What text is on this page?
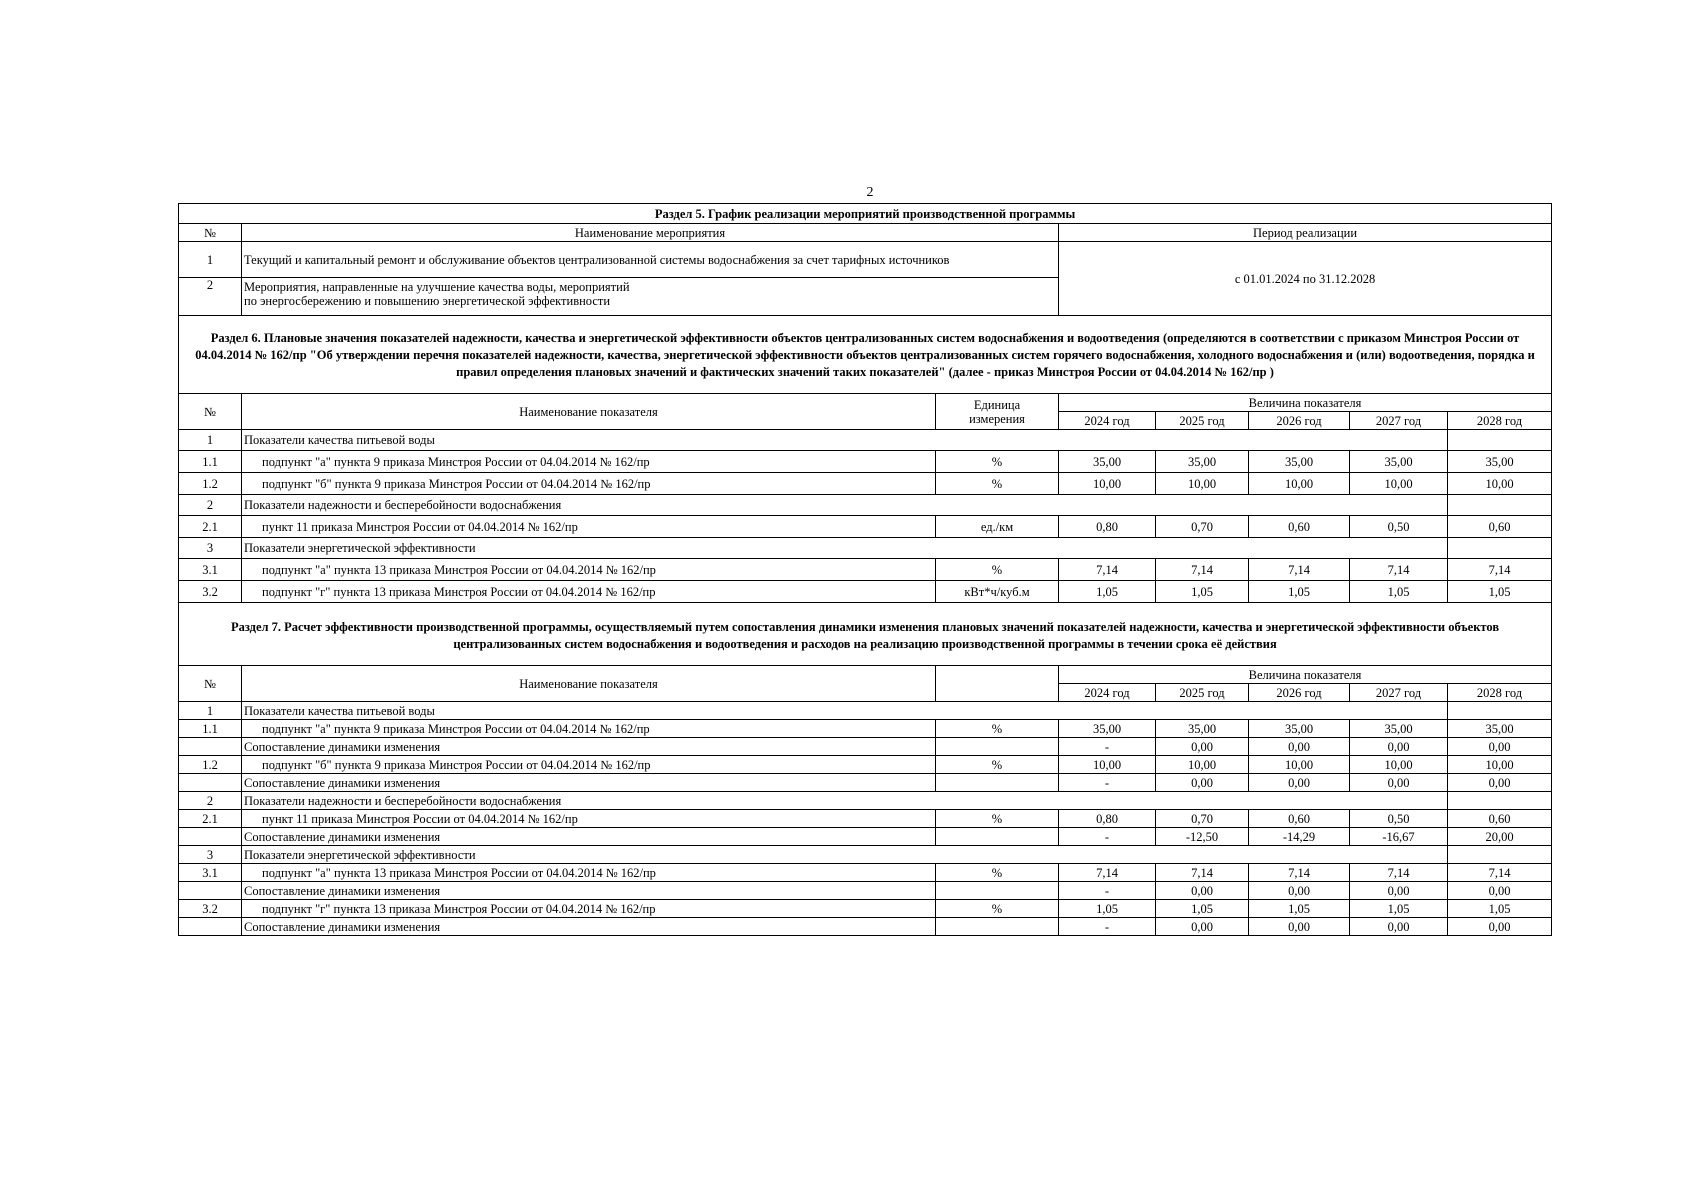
2
Раздел 5. График реализации мероприятий производственной программы							
№	Наименование мероприятия		Период реализации				
1	Текущий и капитальный ремонт и обслуживание объектов централизованной системы водоснабжения за счет тарифных источников		с 01.01.2024 по 31.12.2028				
2	Мероприятия, направленные на улучшение качества воды, мероприятий
по энергосбережению и повышению энергетической эффективности						

Раздел 6. Плановые значения показателей надежности, качества и энергетической эффективности объектов централизованных систем водоснабжения и водоотведения (определяются в соответствии с приказом Минстроя России от 04.04.2014 № 162/пр "Об утверждении перечня показателей надежности, качества, энергетической эффективности объектов централизованных систем горячего водоснабжения, холодного водоснабжения и (или) водоотведения, порядка и правил определения плановых значений и фактических значений таких показателей" (далее - приказ Минстроя России от 04.04.2014 № 162/пр )							
№	Наименование показателя	Единица
измерения	Величина показателя				
			2024 год	2025 год	2026 год	2027 год	2028 год
1	Показатели качества питьевой воды						
1.1	подпункт "а" пункта 9 приказа Минстроя России от 04.04.2014 № 162/пр	%	35,00	35,00	35,00	35,00	35,00
1.2	подпункт "б" пункта 9 приказа Минстроя России от 04.04.2014 № 162/пр	%	10,00	10,00	10,00	10,00	10,00
2	Показатели надежности и бесперебойности водоснабжения						
2.1	пункт 11 приказа Минстроя России от 04.04.2014 № 162/пр	ед./км	0,80	0,70	0,60	0,50	0,60
3	Показатели энергетической эффективности						
3.1	подпункт "а" пункта 13 приказа Минстроя России от 04.04.2014 № 162/пр	%	7,14	7,14	7,14	7,14	7,14
3.2	подпункт "г" пункта 13 приказа Минстроя России от 04.04.2014 № 162/пр	кВт*ч/куб.м	1,05	1,05	1,05	1,05	1,05
Раздел 7. Расчет эффективности производственной программы, осуществляемый путем сопоставления динамики изменения плановых значений показателей надежности, качества и энергетической эффективности объектов централизованных систем водоснабжения и водоотведения и расходов на реализацию производственной программы в течении срока её действия							
№	Наименование показателя		Величина показателя				
			2024 год	2025 год	2026 год	2027 год	2028 год
1	Показатели качества питьевой воды						
1.1	подпункт "а" пункта 9 приказа Минстроя России от 04.04.2014 № 162/пр	%	35,00	35,00	35,00	35,00	35,00
	Сопоставление динамики изменения		-	0,00	0,00	0,00	0,00
1.2	подпункт "б" пункта 9 приказа Минстроя России от 04.04.2014 № 162/пр	%	10,00	10,00	10,00	10,00	10,00
	Сопоставление динамики изменения		-	0,00	0,00	0,00	0,00
2	Показатели надежности и бесперебойности водоснабжения						
2.1	пункт 11 приказа Минстроя России от 04.04.2014 № 162/пр	%	0,80	0,70	0,60	0,50	0,60
	Сопоставление динамики изменения		-	-12,50	-14,29	-16,67	20,00
3	Показатели энергетической эффективности						
3.1	подпункт "а" пункта 13 приказа Минстроя России от 04.04.2014 № 162/пр	%	7,14	7,14	7,14	7,14	7,14
	Сопоставление динамики изменения		-	0,00	0,00	0,00	0,00
3.2	подпункт "г" пункта 13 приказа Минстроя России от 04.04.2014 № 162/пр	%	1,05	1,05	1,05	1,05	1,05
	Сопоставление динамики изменения		-	0,00	0,00	0,00	0,00
